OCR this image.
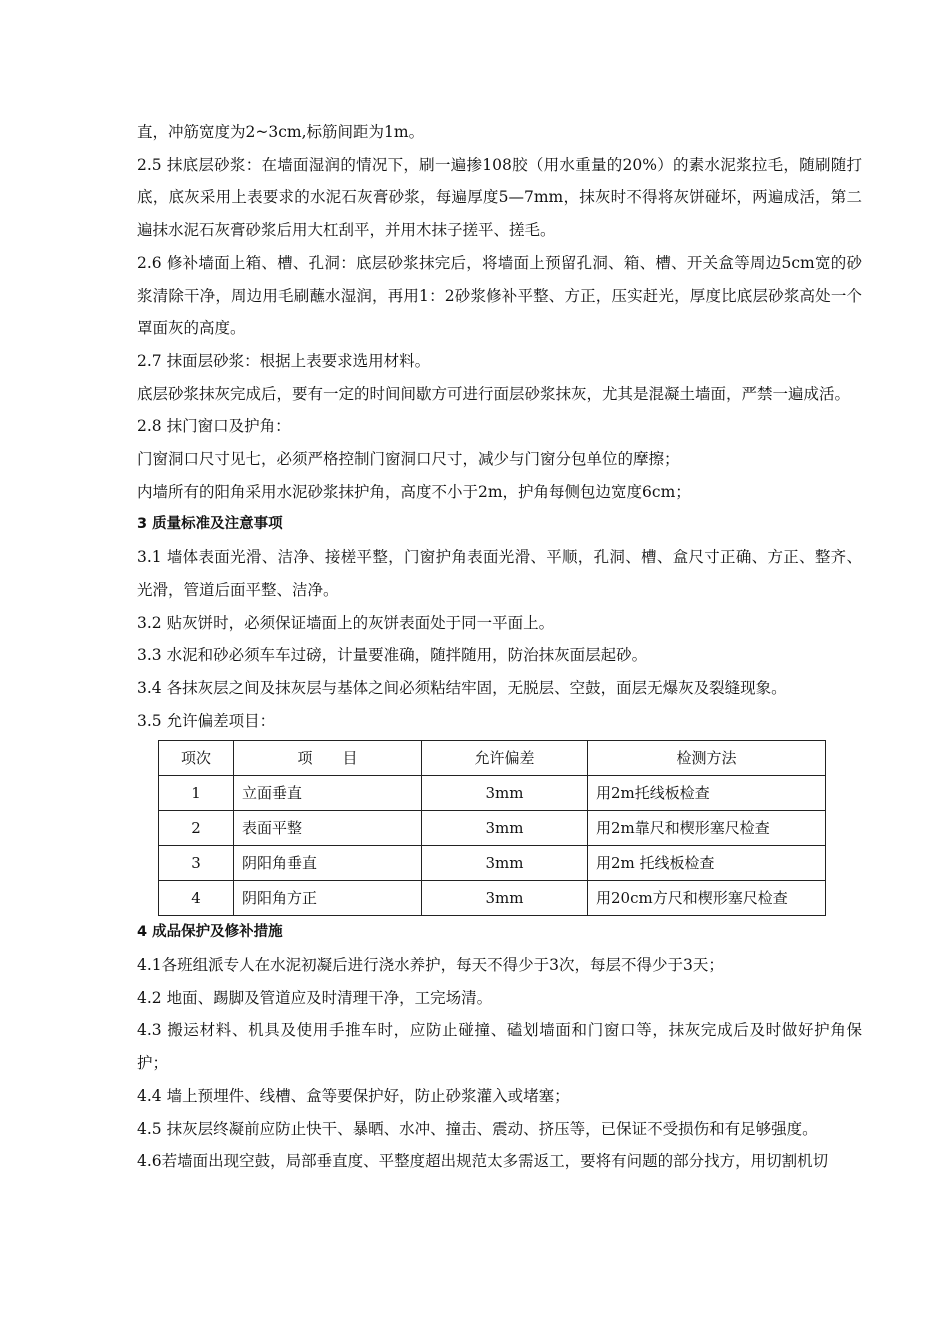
直，冲筋宽度为2~3cm,标筋间距为1m。

2.5 抹底层砂浆：在墙面湿润的情况下，刷一遍掺108胶（用水重量的20%）的素水泥浆拉毛，随刷随打底，底灰采用上表要求的水泥石灰膏砂浆，每遍厚度5—7mm，抹灰时不得将灰饼碰坏，两遍成活，第二遍抹水泥石灰膏砂浆后用大杠刮平，并用木抹子搓平、搓毛。

2.6 修补墙面上箱、槽、孔洞：底层砂浆抹完后，将墙面上预留孔洞、箱、槽、开关盒等周边5cm宽的砂浆清除干净，周边用毛刷蘸水湿润，再用1：2砂浆修补平整、方正，压实赶光，厚度比底层砂浆高处一个罩面灰的高度。

2.7 抹面层砂浆：根据上表要求选用材料。

底层砂浆抹灰完成后，要有一定的时间间歇方可进行面层砂浆抹灰，尤其是混凝土墙面，严禁一遍成活。

2.8 抹门窗口及护角：

门窗洞口尺寸见七，必须严格控制门窗洞口尺寸，减少与门窗分包单位的摩擦；

内墙所有的阳角采用水泥砂浆抹护角，高度不小于2m，护角每侧包边宽度6cm；

3 质量标准及注意事项

3.1 墙体表面光滑、洁净、接槎平整，门窗护角表面光滑、平顺，孔洞、槽、盒尺寸正确、方正、整齐、光滑，管道后面平整、洁净。

3.2 贴灰饼时，必须保证墙面上的灰饼表面处于同一平面上。

3.3 水泥和砂必须车车过磅，计量要准确，随拌随用，防治抹灰面层起砂。

3.4 各抹灰层之间及抹灰层与基体之间必须粘结牢固，无脱层、空鼓，面层无爆灰及裂缝现象。

3.5 允许偏差项目：

项次	项　　目	允许偏差	检测方法
1	立面垂直	3mm	用2m托线板检查
2	表面平整	3mm	用2m靠尺和楔形塞尺检查
3	阴阳角垂直	3mm	用2m 托线板检查
4	阴阳角方正	3mm	用20cm方尺和楔形塞尺检查

4 成品保护及修补措施

4.1各班组派专人在水泥初凝后进行浇水养护，每天不得少于3次，每层不得少于3天；

4.2 地面、踢脚及管道应及时清理干净，工完场清。

4.3 搬运材料、机具及使用手推车时，应防止碰撞、磕划墙面和门窗口等，抹灰完成后及时做好护角保护；

4.4 墙上预埋件、线槽、盒等要保护好，防止砂浆灌入或堵塞；

4.5 抹灰层终凝前应防止快干、暴晒、水冲、撞击、震动、挤压等，已保证不受损伤和有足够强度。

4.6若墙面出现空鼓，局部垂直度、平整度超出规范太多需返工，要将有问题的部分找方，用切割机切
